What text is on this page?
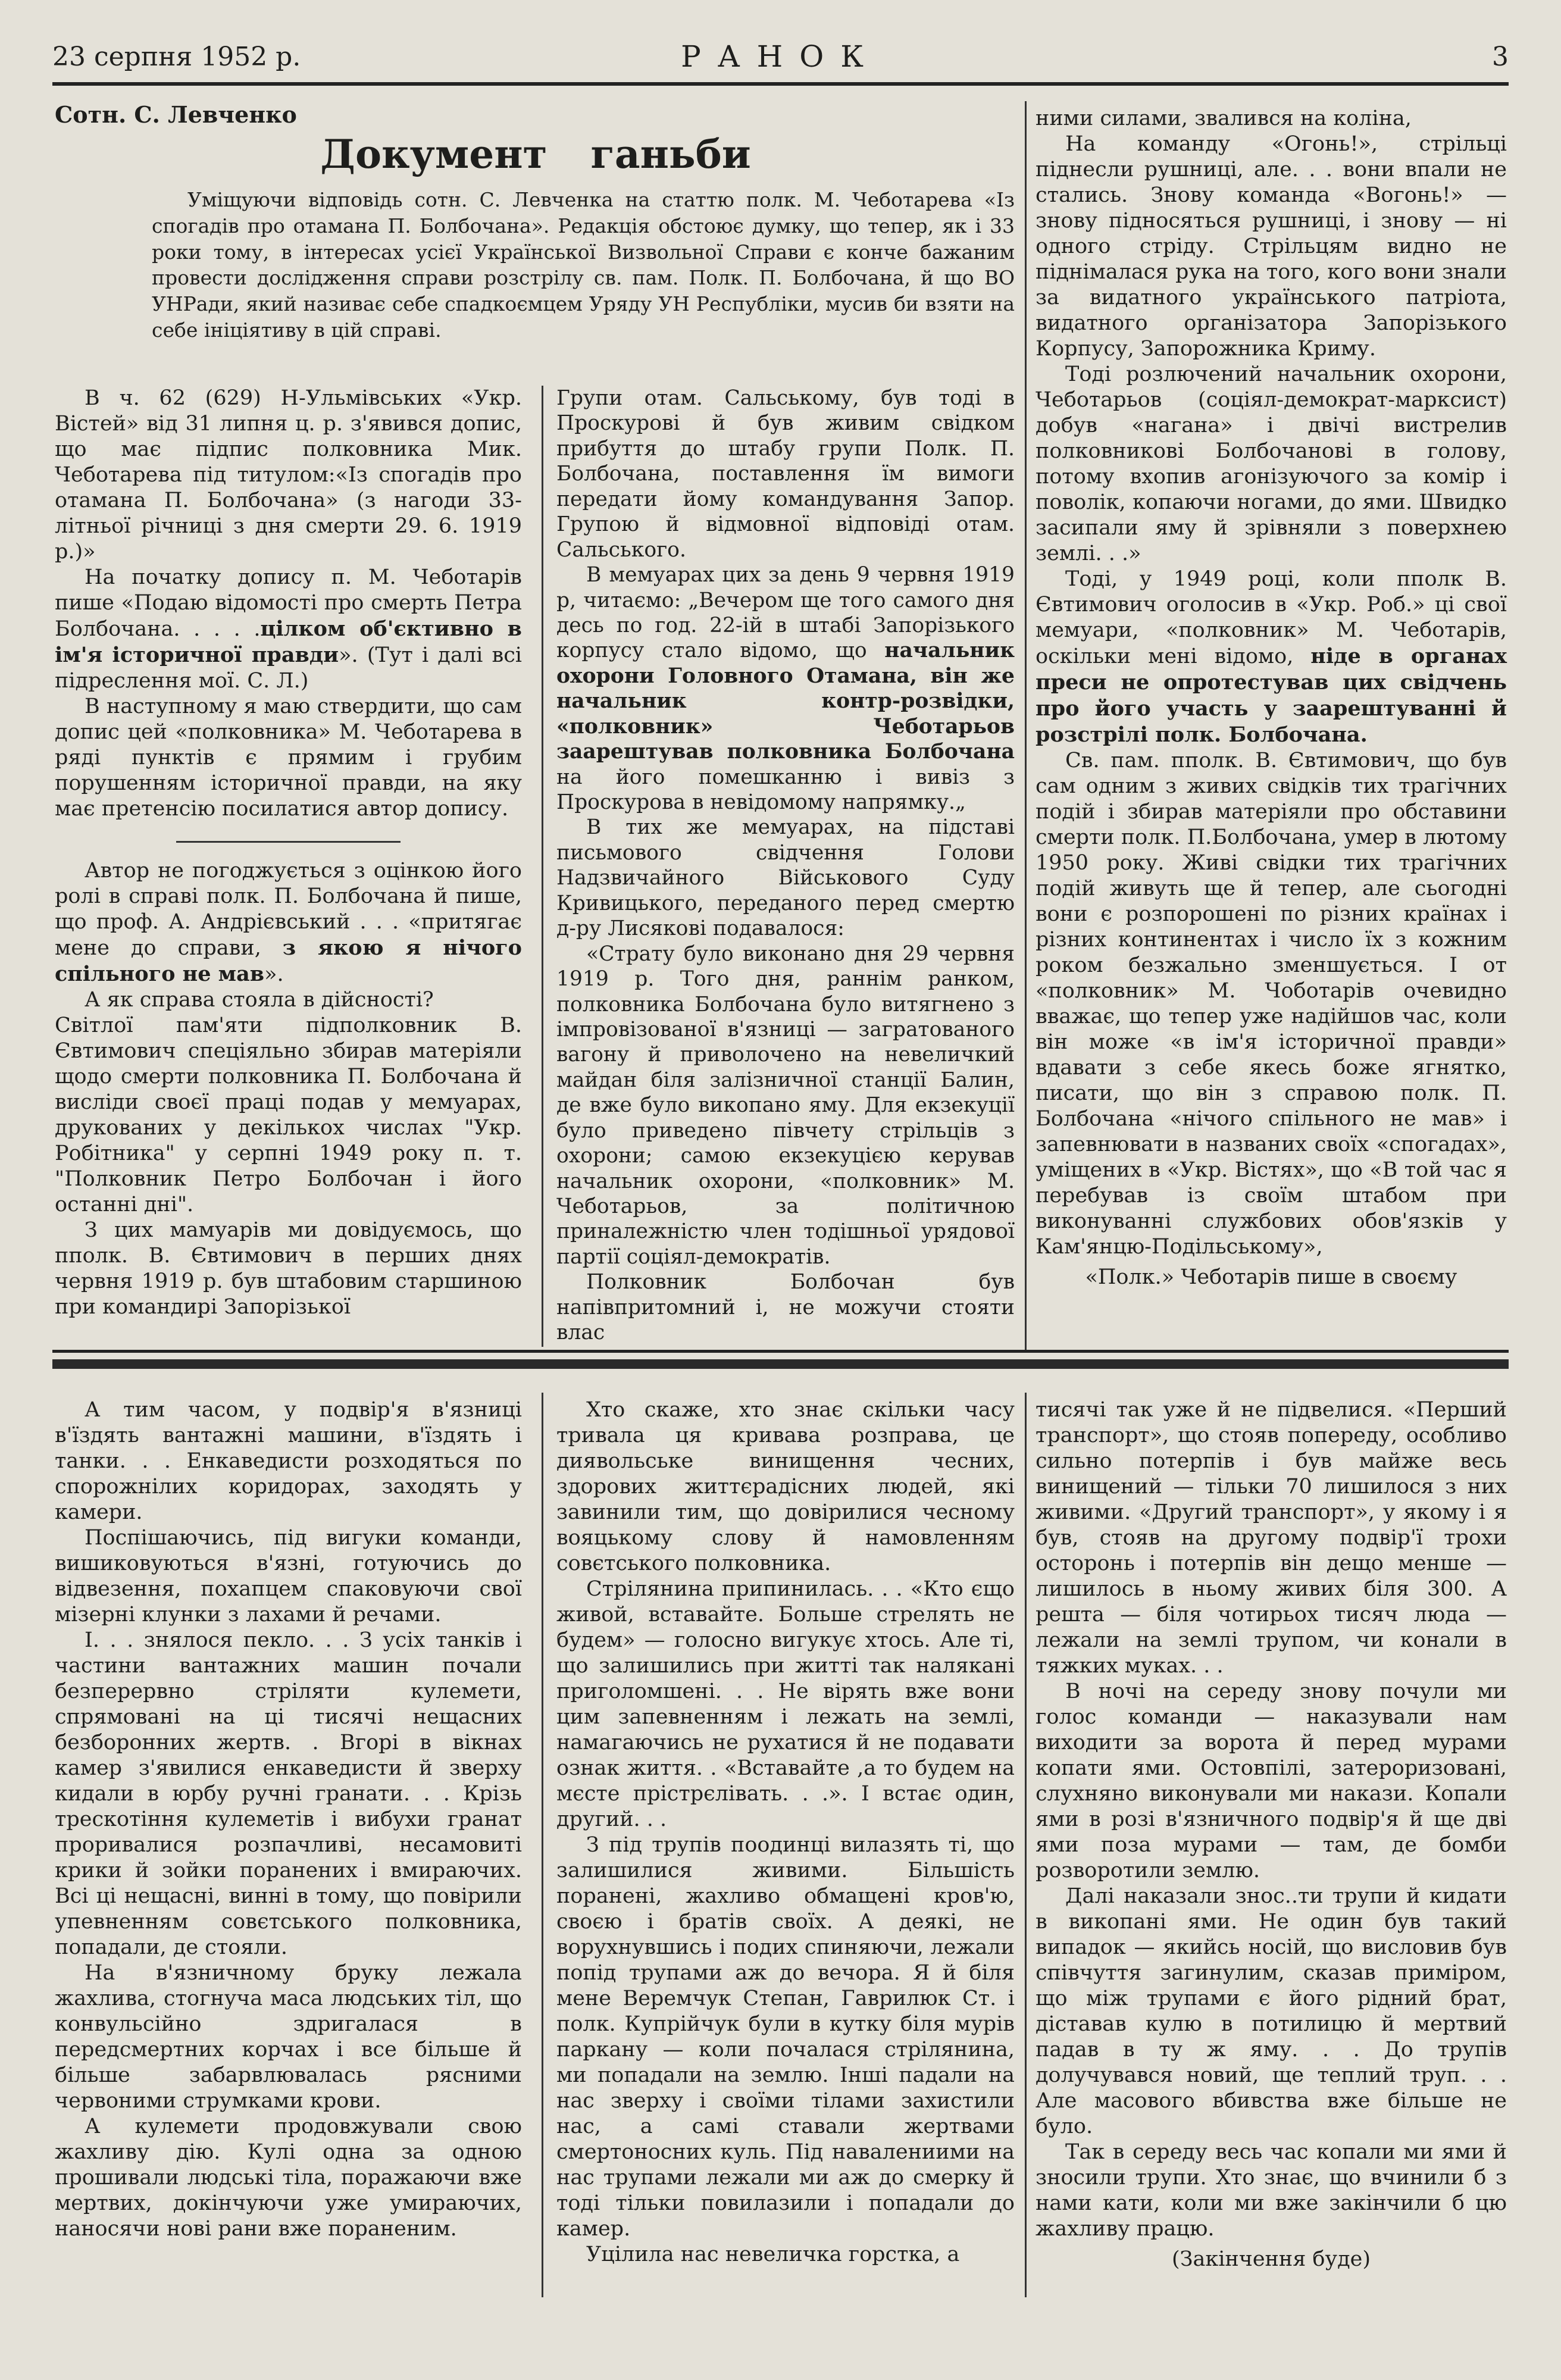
23 серпня 1952 р.	РАНОК	3
Сотн. С. Левченко
Документ ганьби

Уміщуючи відповідь сотн. С. Левченка на статтю полк. М. Чеботарева «Із спогадів про отамана П. Болбочана». Редакція обстоює думку, що тепер, як і 33 роки тому, в інтересах усієї Української Визвольної Справи є конче бажаним провести дослідження справи розстрілу св. пам. Полк. П. Болбочана, й що ВО УНРади, який називає себе спадкоємцем Уряду УН Республіки, мусив би взяти на себе ініціятиву в цій справі.

В ч. 62 (629) Н-Ульмівських «Укр. Вістей» від 31 липня ц. р. з'явився допис, що має підпис полковника Мик. Чеботарева під титулом:«Із спогадів про отамана П. Болбочана» (з нагоди 33-літньої річниці з дня смерти 29. 6. 1919 р.)»

На початку допису п. М. Чеботарів пише «Подаю відомості про смерть Петра Болбочана. . . . .цілком об'єктивно в ім'я історичної правди». (Тут і далі всі підреслення мої. С. Л.)

В наступному я маю ствердити, що сам допис цей «полковника» М. Чеботарева в ряді пунктів є прямим і грубим порушенням історичної правди, на яку має претенсію посилатися автор допису.

Автор не погоджується з оцінкою його ролі в справі полк. П. Болбочана й пише, що проф. А. Андрієвський . . . «притягає мене до справи, з якою я нічого спільного не мав».

А як справа стояла в дійсності?

Світлої пам'яти підполковник В. Євтимович спеціяльно збирав матеріяли щодо смерти полковника П. Болбочана й висліди своєї праці подав у мемуарах, друкованих у декількох числах "Укр. Робітника" у серпні 1949 року п. т. "Полковник Петро Болбочан і його останні дні".

З цих мамуарів ми довідуємось, що пполк. В. Євтимович в перших днях червня 1919 р. був штабовим старшиною при командирі Запорізької

Групи отам. Сальському, був тоді в Проскурові й був живим свідком прибуття до штабу групи Полк. П. Болбочана, поставлення їм вимоги передати йому командування Запор. Групою й відмовної відповіді отам. Сальського.

В мемуарах цих за день 9 червня 1919 р, читаємо: „Вечером ще того самого дня десь по год. 22-ій в штабі Запорізького корпусу стало відомо, що начальник охорони Головного Отамана, він же начальник контр-розвідки, «полковник» Чеботарьов заарештував полковника Болбочана на його помешканню і вивіз з Проскурова в невідомому напрямку.„

В тих же мемуарах, на підставі письмового свідчення Голови Надзвичайного Військового Суду Кривицького, переданого перед смертю д-ру Лисякові подавалося:

«Страту було виконано дня 29 червня 1919 р. Того дня, раннім ранком, полковника Болбочана було витягнено з імпровізованої в'язниці — загратованого вагону й приволочено на невеличкий майдан біля залізничної станції Балин, де вже було викопано яму. Для екзекуції було приведено півчету стрільців з охорони; самою екзекуцією керував начальник охорони, «полковник» М. Чеботарьов, за політичною приналежністю член тодішньої урядової партії соціял-демократів.

Полковник Болбочан був напівпритомний і, не можучи стояти влас

ними силами, звалився на коліна,

На команду «Огонь!», стрільці піднесли рушниці, але. . . вони впали не стались. Знову команда «Вогонь!» — знову підносяться рушниці, і знову — ні одного стріду. Стрільцям видно не піднімалася рука на того, кого вони знали за видатного українського патріота, видатного організатора Запорізького Корпусу, Запорожника Криму.

Тоді розлючений начальник охорони, Чеботарьов (соціял-демократ-марксист) добув «нагана» і двічі вистрелив полковникові Болбочанові в голову, потому вхопив агонізуючого за комір і поволік, копаючи ногами, до ями. Швидко засипали яму й зрівняли з поверхнею землі. . .»

Тоді, у 1949 році, коли пполк В. Євтимович оголосив в «Укр. Роб.» ці свої мемуари, «полковник» М. Чеботарів, оскільки мені відомо, ніде в органах преси не опротестував цих свідчень про його участь у заарештуванні й розстрілі полк. Болбочана.

Св. пам. пполк. В. Євтимович, що був сам одним з живих свідків тих трагічних подій і збирав матеріяли про обставини смерти полк. П.Болбочана, умер в лютому 1950 року. Живі свідки тих трагічних подій живуть ще й тепер, але сьогодні вони є розпорошені по різних країнах і різних континентах і число їх з кожним роком безжально зменшується. І от «полковник» М. Чоботарів очевидно вважає, що тепер уже надійшов час, коли він може «в ім'я історичної правди» вдавати з себе якесь боже ягнятко, писати, що він з справою полк. П. Болбочана «нічого спільного не мав» і запевнювати в названих своїх «спогадах», уміщених в «Укр. Вістях», що «В той час я перебував із своїм штабом при виконуванні службових обов'язків у Кам'янцю-Подільському»,

«Полк.» Чеботарів пише в своєму

А тим часом, у подвір'я в'язниці в'їздять вантажні машини, в'їздять і танки. . . Енкаведисти розходяться по спорожнілих коридорах, заходять у камери.

Поспішаючись, під вигуки команди, вишиковуються в'язні, готуючись до відвезення, похапцем спаковуючи свої мізерні клунки з лахами й речами.

І. . . знялося пекло. . . З усіх танків і частини вантажних машин почали безперервно стріляти кулемети, спрямовані на ці тисячі нещасних безборонних жертв. . Вгорі в вікнах камер з'явилися енкаведисти й зверху кидали в юрбу ручні гранати. . . Крізь трескотіння кулеметів і вибухи гранат проривалися розпачливі, несамовиті крики й зойки поранених і вмираючих. Всі ці нещасні, винні в тому, що повірили упевненням совєтського полковника, попадали, де стояли.

На в'язничному бруку лежала жахлива, стогнуча маса людських тіл, що конвульсійно здригалася в передсмертних корчах і все більше й більше забарвлювалась рясними червоними струмками крови.

А кулемети продовжували свою жахливу дію. Кулі одна за одною прошивали людські тіла, поражаючи вже мертвих, докінчуючи уже умираючих, наносячи нові рани вже пораненим.

Хто скаже, хто знає скільки часу тривала ця кривава розправа, це диявольське винищення чесних, здорових життєрадісних людей, які завинили тим, що довірилися чесному вояцькому слову й намовленням совєтського полковника.

Стрілянина припинилась. . . «Кто єщо живой, вставайте. Больше стрелять не будем» — голосно вигукує хтось. Але ті, що залишились при житті так налякані приголомшені. . . Не вірять вже вони цим запевненням і лежать на землі, намагаючись не рухатися й не подавати ознак життя. . «Вставайте ,а то будем на мєсте прістрєлівать. . .». І встає один, другий. . .

З під трупів поодинці вилазять ті, що залишилися живими. Більшість поранені, жахливо обмащені кров'ю, своєю і братів своїх. А деякі, не ворухнувшись і подих спиняючи, лежали попід трупами аж до вечора. Я й біля мене Веремчук Степан, Гаврилюк Ст. і полк. Купрійчук були в кутку біля мурів паркану — коли почалася стрілянина, ми попадали на землю. Інші падали на нас зверху і своїми тілами захистили нас, а самі ставали жертвами смертоносних куль. Під навалениими на нас трупами лежали ми аж до смерку й тоді тільки повилазили і попадали до камер.

Уцілила нас невеличка горстка, а

тисячі так уже й не підвелися. «Перший транспорт», що стояв попереду, особливо сильно потерпів і був майже весь винищений — тільки 70 лишилося з них живими. «Другий транспорт», у якому і я був, стояв на другому подвір'ї трохи осторонь і потерпів він дещо менше — лишилось в ньому живих біля 300. А решта — біля чотирьох тисяч люда — лежали на землі трупом, чи конали в тяжких муках. . .

В ночі на середу знову почули ми голос команди — наказували нам виходити за ворота й перед мурами копати ями. Остовпілі, затероризовані, слухняно виконували ми накази. Копали ями в розі в'язничного подвір'я й ще дві ями поза мурами — там, де бомби розворотили землю.

Далі наказали знос..ти трупи й кидати в викопані ями. Не один був такий випадок — якийсь носій, що висловив був співчуття загинулим, сказав приміром, що між трупами є його рідний брат, діставав кулю в потилицю й мертвий падав в ту ж яму. . . До трупів долучувався новий, ще теплий труп. . . Але масового вбивства вже більше не було.

Так в середу весь час копали ми ями й зносили трупи. Хто знає, що вчинили б з нами кати, коли ми вже закінчили б цю жахливу працю.

(Закінчення буде)
